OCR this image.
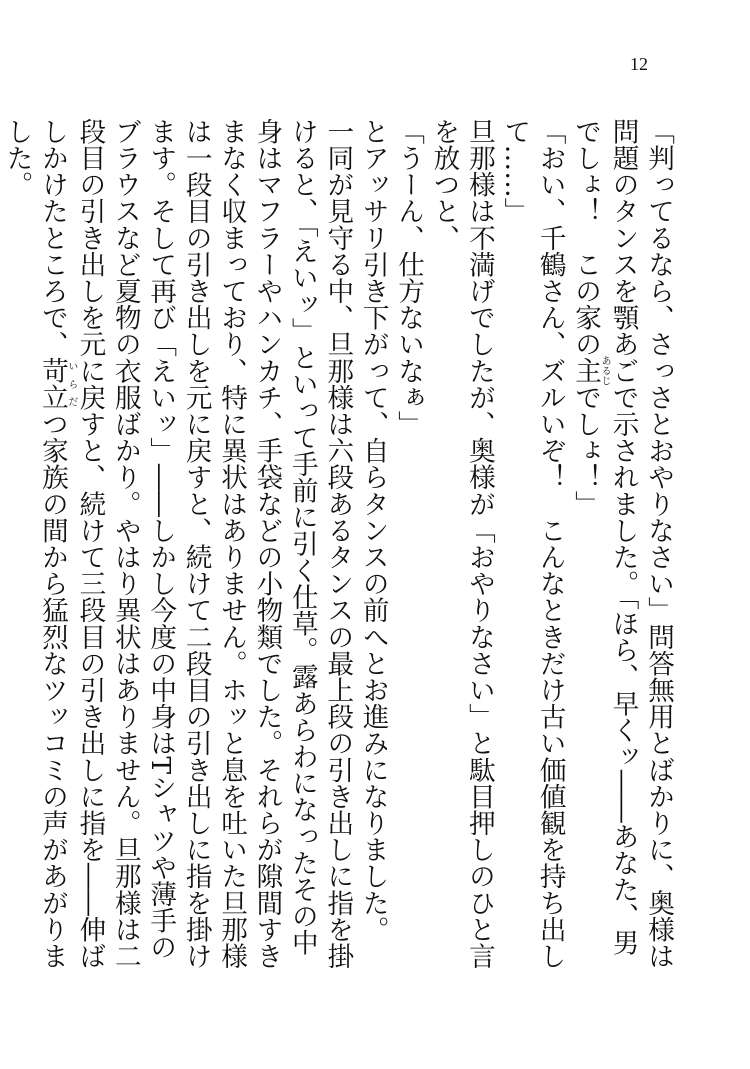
12

「判ってるなら、さっさとおやりなさい」問答無用とばかりに、奥様は問題のタンスを顎あごで示されました。「ほら、早くッ――あなた、男でしょ！　この家の主あるじでしょ！」

「おい、千鶴さん、ズルいぞ！　こんなときだけ古い価値観を持ち出して……」

旦那様は不満げでしたが、奥様が「おやりなさい」と駄目押しのひと言を放つと、

「うーん、仕方ないなぁ」

とアッサリ引き下がって、自らタンスの前へとお進みになりました。

一同が見守る中、旦那様は六段あるタンスの最上段の引き出しに指を掛けると、「えいッ」といって手前に引く仕草。露あらわになったその中身はマフラーやハンカチ、手袋などの小物類でした。それらが隙間すきまなく収まっており、特に異状はありません。ホッと息を吐いた旦那様は一段目の引き出しを元に戻すと、続けて二段目の引き出しに指を掛けます。そして再び「えいッ」――しかし今度の中身はTシャツや薄手のブラウスなど夏物の衣服ばかり。やはり異状はありません。旦那様は二段目の引き出しを元に戻すと、続けて三段目の引き出しに指を――伸ばしかけたところで、苛立いらだつ家族の間から猛烈なツッコミの声があがりました。
